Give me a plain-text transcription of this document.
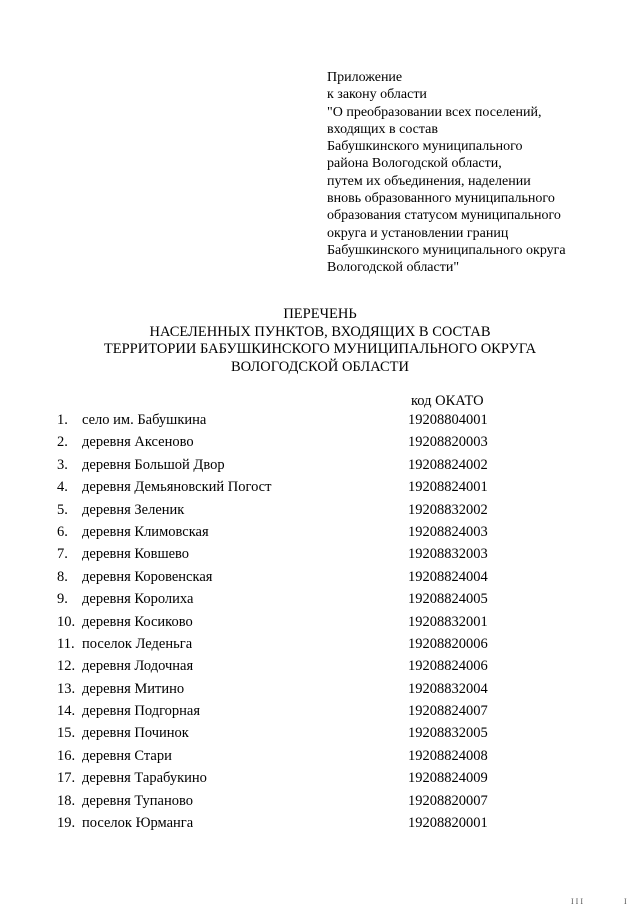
Приложение
к закону области
"О преобразовании всех поселений,
входящих в состав
Бабушкинского муниципального
района Вологодской области,
путем их объединения, наделении
вновь образованного муниципального
образования статусом муниципального
округа и установлении границ
Бабушкинского муниципального округа
Вологодской области"
ПЕРЕЧЕНЬ
НАСЕЛЕННЫХ ПУНКТОВ, ВХОДЯЩИХ В СОСТАВ
ТЕРРИТОРИИ БАБУШКИНСКОГО МУНИЦИПАЛЬНОГО ОКРУГА
ВОЛОГОДСКОЙ ОБЛАСТИ
код ОКАТО
1. село им. Бабушкина	19208804001
2. деревня Аксеново	19208820003
3. деревня Большой Двор	19208824002
4. деревня Демьяновский Погост	19208824001
5. деревня Зеленик	19208832002
6. деревня Климовская	19208824003
7. деревня Ковшево	19208832003
8. деревня Коровенская	19208824004
9. деревня Королиха	19208824005
10. деревня Косиково	19208832001
11. поселок Леденьга	19208820006
12. деревня Лодочная	19208824006
13. деревня Митино	19208832004
14. деревня Подгорная	19208824007
15. деревня Починок	19208832005
16. деревня Стари	19208824008
17. деревня Тарабукино	19208824009
18. деревня Тупаново	19208820007
19. поселок Юрманга	19208820001
I I I	I
